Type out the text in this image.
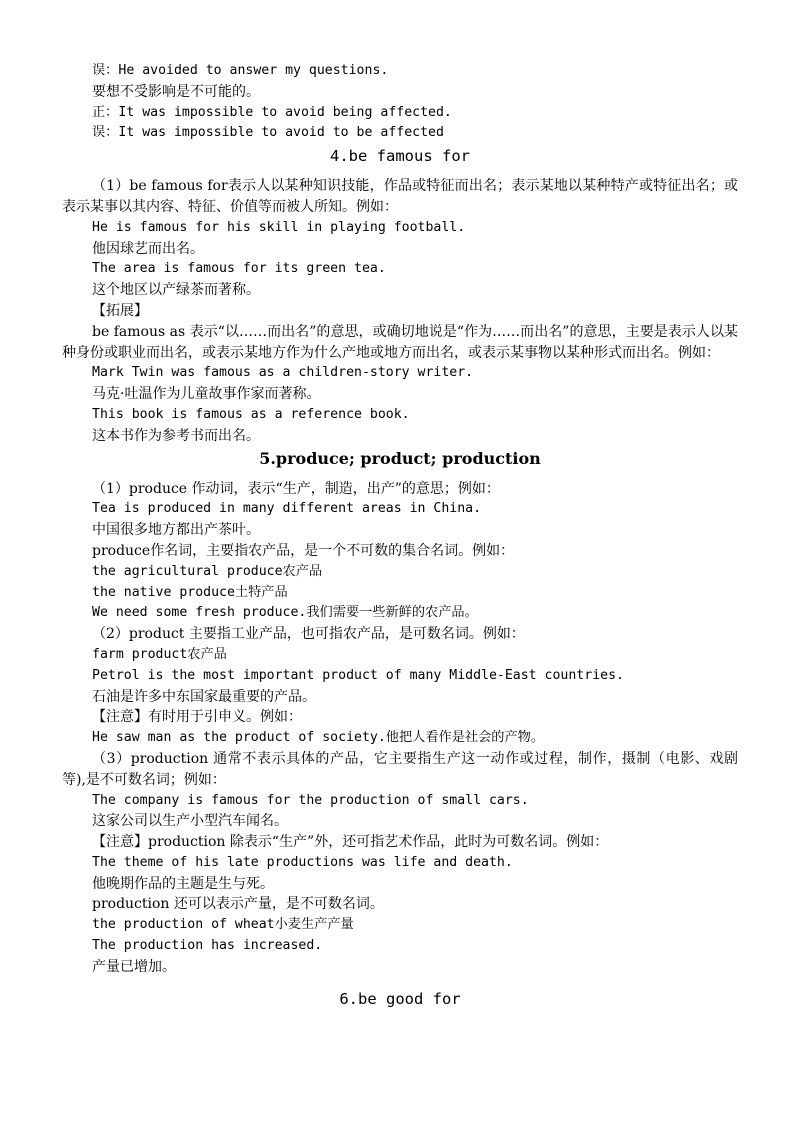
误：He avoided to answer my questions.
要想不受影响是不可能的。
正：It was impossible to avoid being affected.
误：It was impossible to avoid to be affected
4.be famous for
（1）be famous for表示人以某种知识技能，作品或特征而出名；表示某地以某种特产或特征出名；或表示某事以其内容、特征、价值等而被人所知。例如：
He is famous for his skill in playing football.
他因球艺而出名。
The area is famous for its green tea.
这个地区以产绿茶而著称。
【拓展】
be famous as 表示“以……而出名”的意思，或确切地说是“作为……而出名”的意思，主要是表示人以某种身份或职业而出名，或表示某地方作为什么产地或地方而出名，或表示某事物以某种形式而出名。例如：
Mark Twin was famous as a children-story writer.
马克·吐温作为儿童故事作家而著称。
This book is famous as a reference book.
这本书作为参考书而出名。
5.produce; product; production
（1）produce 作动词，表示“生产，制造，出产”的意思；例如：
Tea is produced in many different areas in China.
中国很多地方都出产茶叶。
produce作名词，主要指农产品，是一个不可数的集合名词。例如：
the agricultural produce农产品
the native produce土特产品
We need some fresh produce.我们需要一些新鲜的农产品。
（2）product 主要指工业产品，也可指农产品，是可数名词。例如：
farm product农产品
Petrol is the most important product of many Middle-East countries.
石油是许多中东国家最重要的产品。
【注意】有时用于引申义。例如：
He saw man as the product of society.他把人看作是社会的产物。
（3）production 通常不表示具体的产品，它主要指生产这一动作或过程，制作，摄制（电影、戏剧等),是不可数名词；例如：
The company is famous for the production of small cars.
这家公司以生产小型汽车闻名。
【注意】production 除表示“生产”外，还可指艺术作品，此时为可数名词。例如：
The theme of his late productions was life and death.
他晚期作品的主题是生与死。
production 还可以表示产量，是不可数名词。
the production of wheat小麦生产产量
The production has increased.
产量已增加。
6.be good for
